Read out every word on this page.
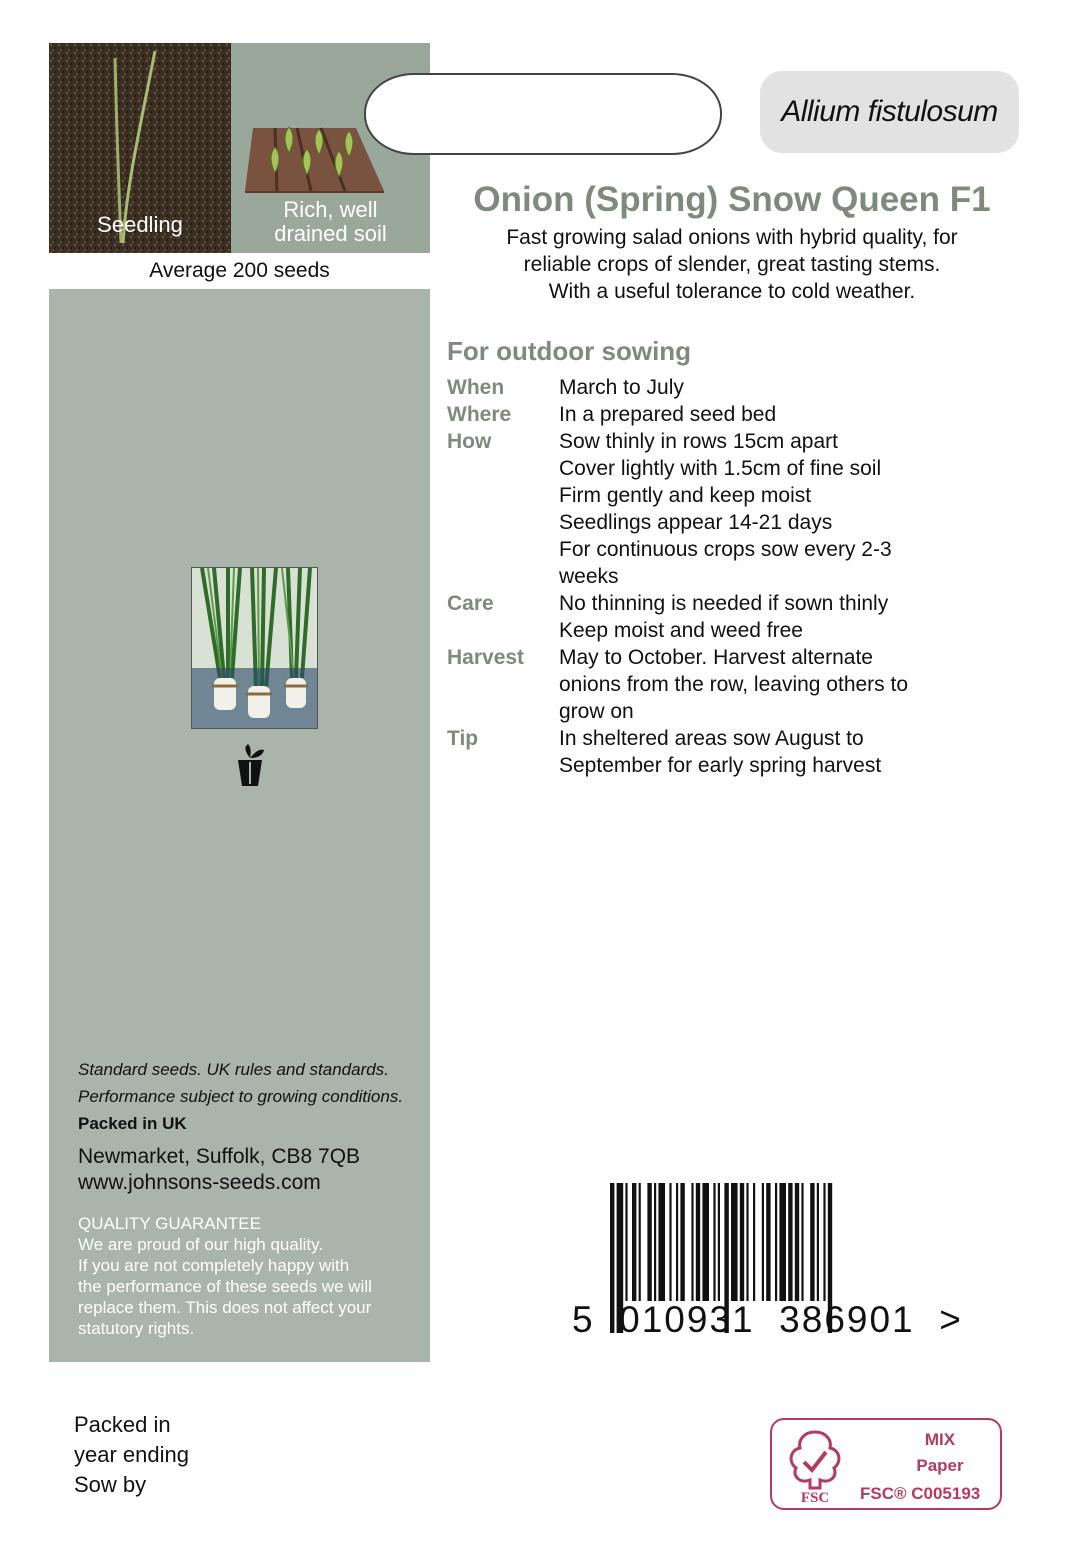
Seedling
Rich, well
drained soil
Average 200 seeds
Standard seeds. UK rules and standards.
Performance subject to growing conditions.
Packed in UK
Newmarket, Suffolk, CB8 7QB
www.johnsons-seeds.com
QUALITY GUARANTEE
We are proud of our high quality.
If you are not completely happy with
the performance of these seeds we will
replace them. This does not affect your
statutory rights.
Allium fistulosum
Onion (Spring) Snow Queen F1
Fast growing salad onions with hybrid quality, for
reliable crops of slender, great tasting stems.
With a useful tolerance to cold weather.
For outdoor sowing
When	March to July
Where	In a prepared seed bed
How	Sow thinly in rows 15cm apart
Cover lightly with 1.5cm of fine soil
Firm gently and keep moist
Seedlings appear 14-21 days
For continuous crops sow every 2-3
weeks
Care	No thinning is needed if sown thinly
Keep moist and weed free
Harvest	May to October. Harvest alternate
onions from the row, leaving others to
grow on
Tip	In sheltered areas sow August to
September for early spring harvest
5  010931  386901  >
Packed in
year ending
Sow by
FSC
MIX
Paper
FSC® C005193
